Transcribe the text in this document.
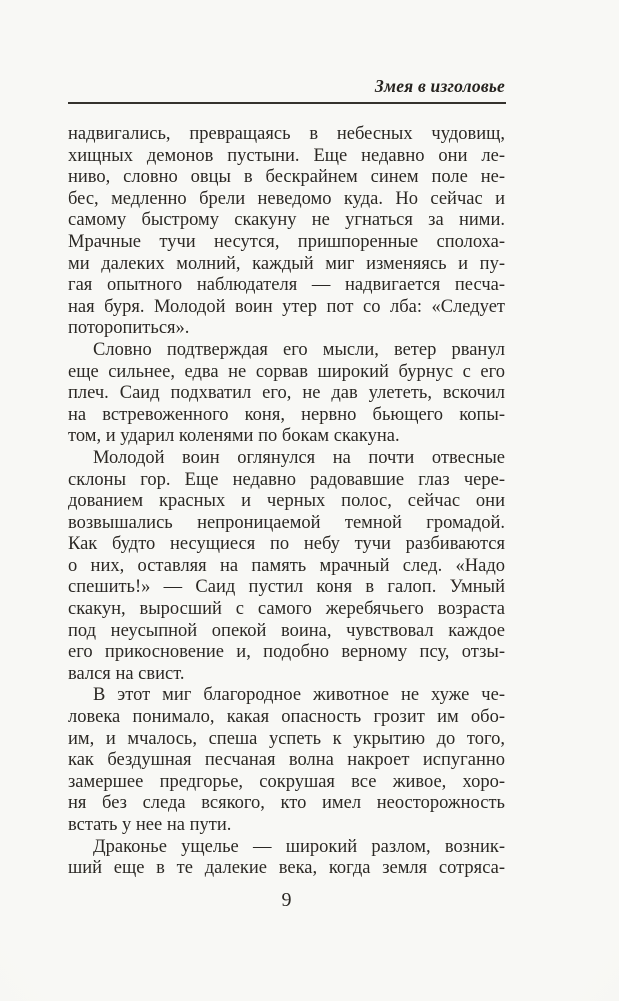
Змея в изголовье
надвигались, превращаясь в небесных чудовищ,
хищных демонов пустыни. Еще недавно они ле-
ниво, словно овцы в бескрайнем синем поле не-
бес, медленно брели неведомо куда. Но сейчас и
самому быстрому скакуну не угнаться за ними.
Мрачные тучи несутся, пришпоренные сполоха-
ми далеких молний, каждый миг изменяясь и пу-
гая опытного наблюдателя — надвигается песча-
ная буря. Молодой воин утер пот со лба: «Следует
поторопиться».
Словно подтверждая его мысли, ветер рванул
еще сильнее, едва не сорвав широкий бурнус с его
плеч. Саид подхватил его, не дав улететь, вскочил
на встревоженного коня, нервно бьющего копы-
том, и ударил коленями по бокам скакуна.
Молодой воин оглянулся на почти отвесные
склоны гор. Еще недавно радовавшие глаз чере-
дованием красных и черных полос, сейчас они
возвышались непроницаемой темной громадой.
Как будто несущиеся по небу тучи разбиваются
о них, оставляя на память мрачный след. «Надо
спешить!» — Саид пустил коня в галоп. Умный
скакун, выросший с самого жеребячьего возраста
под неусыпной опекой воина, чувствовал каждое
его прикосновение и, подобно верному псу, отзы-
вался на свист.
В этот миг благородное животное не хуже че-
ловека понимало, какая опасность грозит им обо-
им, и мчалось, спеша успеть к укрытию до того,
как бездушная песчаная волна накроет испуганно
замершее предгорье, сокрушая все живое, хоро-
ня без следа всякого, кто имел неосторожность
встать у нее на пути.
Драконье ущелье — широкий разлом, возник-
ший еще в те далекие века, когда земля сотряса-
9
